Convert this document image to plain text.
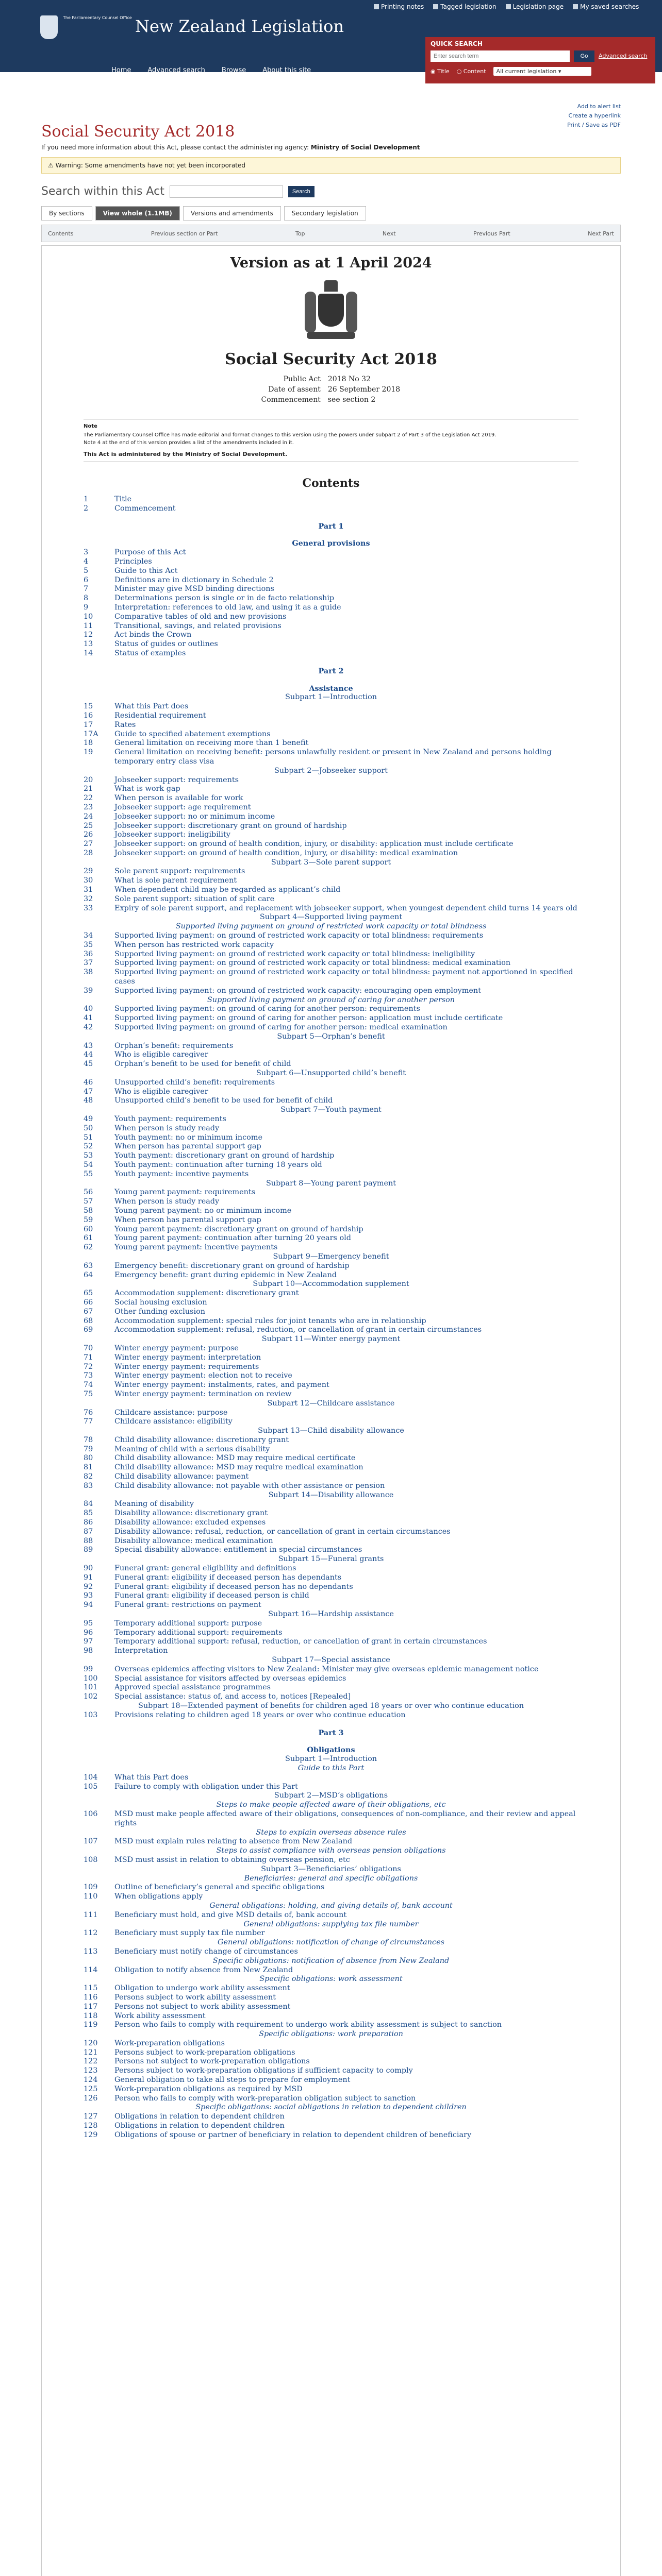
The Parliamentary Counsel Office New Zealand Legislation
Printing notes	Tagged legislation	Legislation page	My saved searches
QUICK SEARCH
Enter search term
Go	Advanced search
◉ Title ○ Content	All current legislation ▾
Home	Advanced search	Browse	About this site
Add to alert list
Create a hyperlink
Print / Save as PDF
Social Security Act 2018
If you need more information about this Act, please contact the administering agency: Ministry of Social Development
⚠ Warning: Some amendments have not yet been incorporated
Search within this Act	Search
By sections	View whole (1.1MB)	Versions and amendments	Secondary legislation
Contents	Previous section or Part	Top	Next	Previous Part	Next Part
Version as at 1 April 2024
Social Security Act 2018
Public Act	2018 No 32
Date of assent	26 September 2018
Commencement	see section 2
Note
The Parliamentary Counsel Office has made editorial and format changes to this version using the powers under subpart 2 of Part 3 of the Legislation Act 2019.
Note 4 at the end of this version provides a list of the amendments included in it.
This Act is administered by the Ministry of Social Development.
Contents
1	Title
2	Commencement
Part 1
General provisions
3	Purpose of this Act
4	Principles
5	Guide to this Act
6	Definitions are in dictionary in Schedule 2
7	Minister may give MSD binding directions
8	Determinations person is single or in de facto relationship
9	Interpretation: references to old law, and using it as a guide
10	Comparative tables of old and new provisions
11	Transitional, savings, and related provisions
12	Act binds the Crown
13	Status of guides or outlines
14	Status of examples
Part 2
Assistance
Subpart 1—Introduction
15	What this Part does
16	Residential requirement
17	Rates
17A	Guide to specified abatement exemptions
18	General limitation on receiving more than 1 benefit
19	General limitation on receiving benefit: persons unlawfully resident or present in New Zealand and persons holding temporary entry class visa
Subpart 2—Jobseeker support
20	Jobseeker support: requirements
21	What is work gap
22	When person is available for work
23	Jobseeker support: age requirement
24	Jobseeker support: no or minimum income
25	Jobseeker support: discretionary grant on ground of hardship
26	Jobseeker support: ineligibility
27	Jobseeker support: on ground of health condition, injury, or disability: application must include certificate
28	Jobseeker support: on ground of health condition, injury, or disability: medical examination
Subpart 3—Sole parent support
29	Sole parent support: requirements
30	What is sole parent requirement
31	When dependent child may be regarded as applicant’s child
32	Sole parent support: situation of split care
33	Expiry of sole parent support, and replacement with jobseeker support, when youngest dependent child turns 14 years old
Subpart 4—Supported living payment
Supported living payment on ground of restricted work capacity or total blindness
34	Supported living payment: on ground of restricted work capacity or total blindness: requirements
35	When person has restricted work capacity
36	Supported living payment: on ground of restricted work capacity or total blindness: ineligibility
37	Supported living payment: on ground of restricted work capacity or total blindness: medical examination
38	Supported living payment: on ground of restricted work capacity or total blindness: payment not apportioned in specified cases
39	Supported living payment: on ground of restricted work capacity: encouraging open employment
Supported living payment on ground of caring for another person
40	Supported living payment: on ground of caring for another person: requirements
41	Supported living payment: on ground of caring for another person: application must include certificate
42	Supported living payment: on ground of caring for another person: medical examination
Subpart 5—Orphan’s benefit
43	Orphan’s benefit: requirements
44	Who is eligible caregiver
45	Orphan’s benefit to be used for benefit of child
Subpart 6—Unsupported child’s benefit
46	Unsupported child’s benefit: requirements
47	Who is eligible caregiver
48	Unsupported child’s benefit to be used for benefit of child
Subpart 7—Youth payment
49	Youth payment: requirements
50	When person is study ready
51	Youth payment: no or minimum income
52	When person has parental support gap
53	Youth payment: discretionary grant on ground of hardship
54	Youth payment: continuation after turning 18 years old
55	Youth payment: incentive payments
Subpart 8—Young parent payment
56	Young parent payment: requirements
57	When person is study ready
58	Young parent payment: no or minimum income
59	When person has parental support gap
60	Young parent payment: discretionary grant on ground of hardship
61	Young parent payment: continuation after turning 20 years old
62	Young parent payment: incentive payments
Subpart 9—Emergency benefit
63	Emergency benefit: discretionary grant on ground of hardship
64	Emergency benefit: grant during epidemic in New Zealand
Subpart 10—Accommodation supplement
65	Accommodation supplement: discretionary grant
66	Social housing exclusion
67	Other funding exclusion
68	Accommodation supplement: special rules for joint tenants who are in relationship
69	Accommodation supplement: refusal, reduction, or cancellation of grant in certain circumstances
Subpart 11—Winter energy payment
70	Winter energy payment: purpose
71	Winter energy payment: interpretation
72	Winter energy payment: requirements
73	Winter energy payment: election not to receive
74	Winter energy payment: instalments, rates, and payment
75	Winter energy payment: termination on review
Subpart 12—Childcare assistance
76	Childcare assistance: purpose
77	Childcare assistance: eligibility
Subpart 13—Child disability allowance
78	Child disability allowance: discretionary grant
79	Meaning of child with a serious disability
80	Child disability allowance: MSD may require medical certificate
81	Child disability allowance: MSD may require medical examination
82	Child disability allowance: payment
83	Child disability allowance: not payable with other assistance or pension
Subpart 14—Disability allowance
84	Meaning of disability
85	Disability allowance: discretionary grant
86	Disability allowance: excluded expenses
87	Disability allowance: refusal, reduction, or cancellation of grant in certain circumstances
88	Disability allowance: medical examination
89	Special disability allowance: entitlement in special circumstances
Subpart 15—Funeral grants
90	Funeral grant: general eligibility and definitions
91	Funeral grant: eligibility if deceased person has dependants
92	Funeral grant: eligibility if deceased person has no dependants
93	Funeral grant: eligibility if deceased person is child
94	Funeral grant: restrictions on payment
Subpart 16—Hardship assistance
95	Temporary additional support: purpose
96	Temporary additional support: requirements
97	Temporary additional support: refusal, reduction, or cancellation of grant in certain circumstances
98	Interpretation
Subpart 17—Special assistance
99	Overseas epidemics affecting visitors to New Zealand: Minister may give overseas epidemic management notice
100	Special assistance for visitors affected by overseas epidemics
101	Approved special assistance programmes
102	Special assistance: status of, and access to, notices [Repealed]
Subpart 18—Extended payment of benefits for children aged 18 years or over who continue education
103	Provisions relating to children aged 18 years or over who continue education
Part 3
Obligations
Subpart 1—Introduction
Guide to this Part
104	What this Part does
105	Failure to comply with obligation under this Part
Subpart 2—MSD’s obligations
Steps to make people affected aware of their obligations, etc
106	MSD must make people affected aware of their obligations, consequences of non-compliance, and their review and appeal rights
Steps to explain overseas absence rules
107	MSD must explain rules relating to absence from New Zealand
Steps to assist compliance with overseas pension obligations
108	MSD must assist in relation to obtaining overseas pension, etc
Subpart 3—Beneficiaries’ obligations
Beneficiaries: general and specific obligations
109	Outline of beneficiary’s general and specific obligations
110	When obligations apply
General obligations: holding, and giving details of, bank account
111	Beneficiary must hold, and give MSD details of, bank account
General obligations: supplying tax file number
112	Beneficiary must supply tax file number
General obligations: notification of change of circumstances
113	Beneficiary must notify change of circumstances
Specific obligations: notification of absence from New Zealand
114	Obligation to notify absence from New Zealand
Specific obligations: work assessment
115	Obligation to undergo work ability assessment
116	Persons subject to work ability assessment
117	Persons not subject to work ability assessment
118	Work ability assessment
119	Person who fails to comply with requirement to undergo work ability assessment is subject to sanction
Specific obligations: work preparation
120	Work-preparation obligations
121	Persons subject to work-preparation obligations
122	Persons not subject to work-preparation obligations
123	Persons subject to work-preparation obligations if sufficient capacity to comply
124	General obligation to take all steps to prepare for employment
125	Work-preparation obligations as required by MSD
126	Person who fails to comply with work-preparation obligation subject to sanction
Specific obligations: social obligations in relation to dependent children
127	Obligations in relation to dependent children
128	Obligations in relation to dependent children
129	Obligations of spouse or partner of beneficiary in relation to dependent children of beneficiary
